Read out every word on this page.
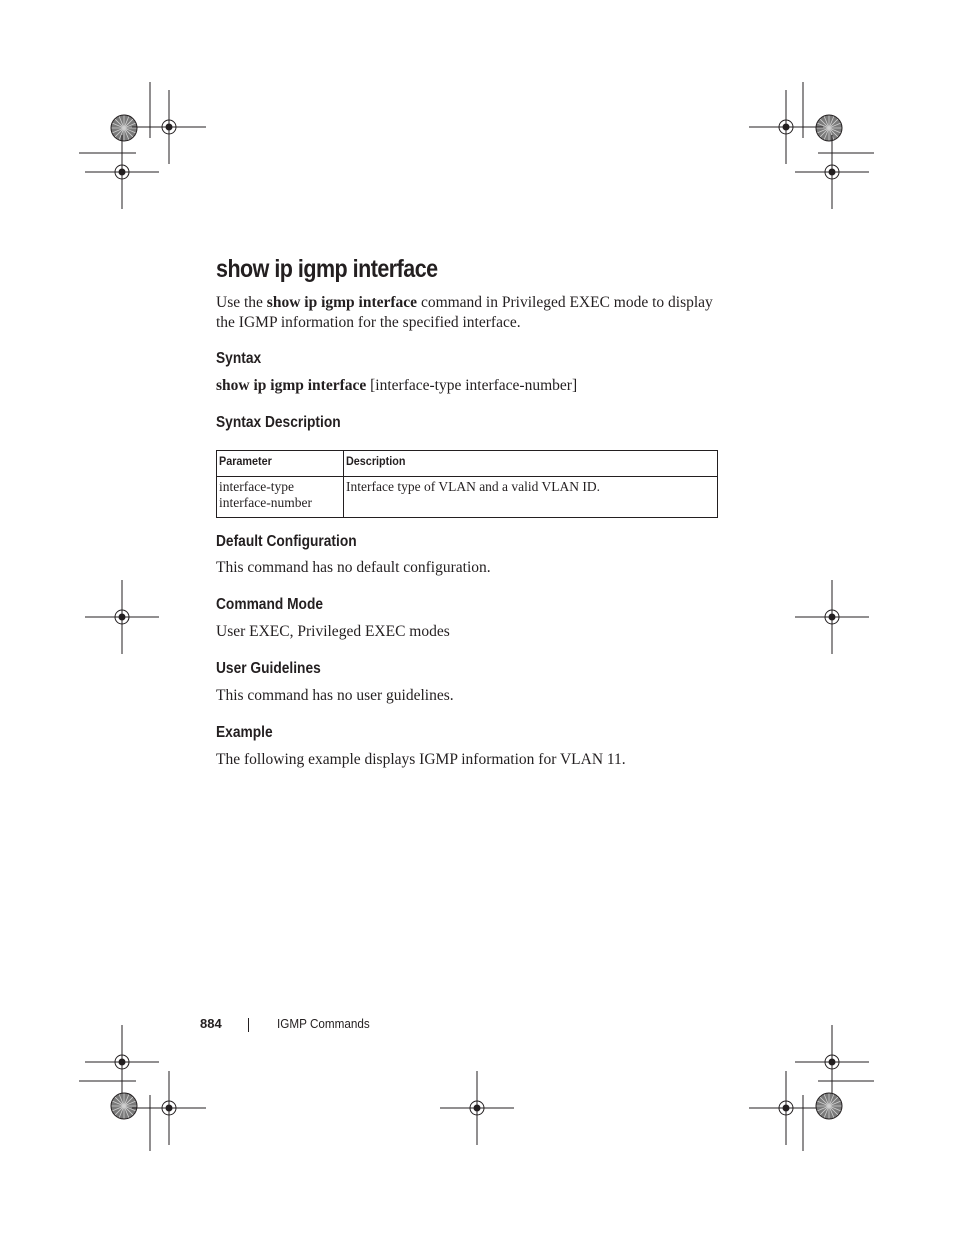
show ip igmp interface

Use the show ip igmp interface command in Privileged EXEC mode to display the IGMP information for the specified interface.

Syntax

show ip igmp interface [interface-type interface-number]

Syntax Description
Parameter	Description
interface-type
interface-number	Interface type of VLAN and a valid VLAN ID.
Default Configuration

This command has no default configuration.

Command Mode

User EXEC, Privileged EXEC modes

User Guidelines

This command has no user guidelines.

Example

The following example displays IGMP information for VLAN 11.

884	IGMP Commands
